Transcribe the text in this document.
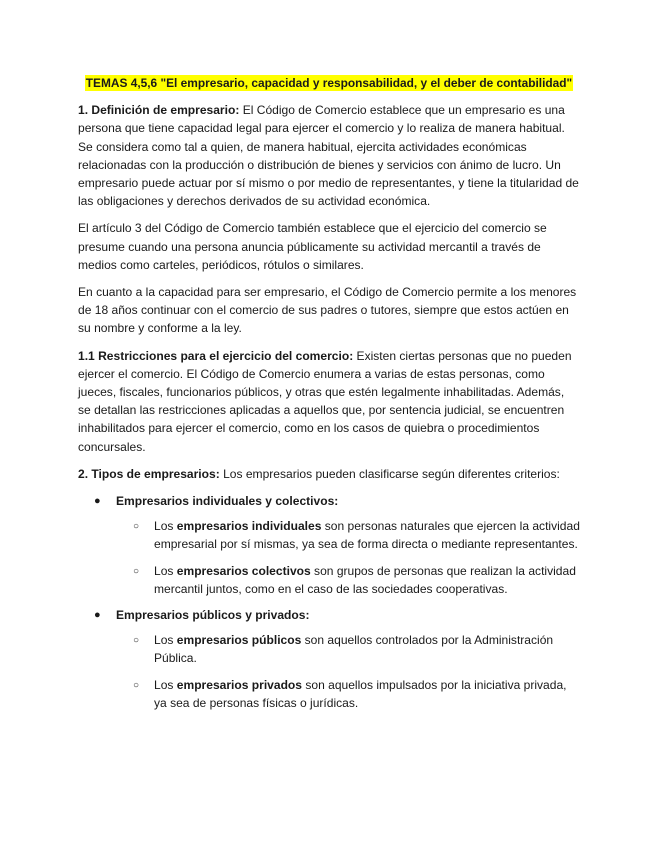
TEMAS 4,5,6 "El empresario, capacidad y responsabilidad, y el deber de contabilidad"

1. Definición de empresario: El Código de Comercio establece que un empresario es una persona que tiene capacidad legal para ejercer el comercio y lo realiza de manera habitual. Se considera como tal a quien, de manera habitual, ejercita actividades económicas relacionadas con la producción o distribución de bienes y servicios con ánimo de lucro. Un empresario puede actuar por sí mismo o por medio de representantes, y tiene la titularidad de las obligaciones y derechos derivados de su actividad económica.

El artículo 3 del Código de Comercio también establece que el ejercicio del comercio se presume cuando una persona anuncia públicamente su actividad mercantil a través de medios como carteles, periódicos, rótulos o similares.

En cuanto a la capacidad para ser empresario, el Código de Comercio permite a los menores de 18 años continuar con el comercio de sus padres o tutores, siempre que estos actúen en su nombre y conforme a la ley.

1.1 Restricciones para el ejercicio del comercio: Existen ciertas personas que no pueden ejercer el comercio. El Código de Comercio enumera a varias de estas personas, como jueces, fiscales, funcionarios públicos, y otras que estén legalmente inhabilitadas. Además, se detallan las restricciones aplicadas a aquellos que, por sentencia judicial, se encuentren inhabilitados para ejercer el comercio, como en los casos de quiebra o procedimientos concursales.

2. Tipos de empresarios: Los empresarios pueden clasificarse según diferentes criterios:

● Empresarios individuales y colectivos:
○ Los empresarios individuales son personas naturales que ejercen la actividad empresarial por sí mismas, ya sea de forma directa o mediante representantes.
○ Los empresarios colectivos son grupos de personas que realizan la actividad mercantil juntos, como en el caso de las sociedades cooperativas.
● Empresarios públicos y privados:
○ Los empresarios públicos son aquellos controlados por la Administración Pública.
○ Los empresarios privados son aquellos impulsados por la iniciativa privada, ya sea de personas físicas o jurídicas.
